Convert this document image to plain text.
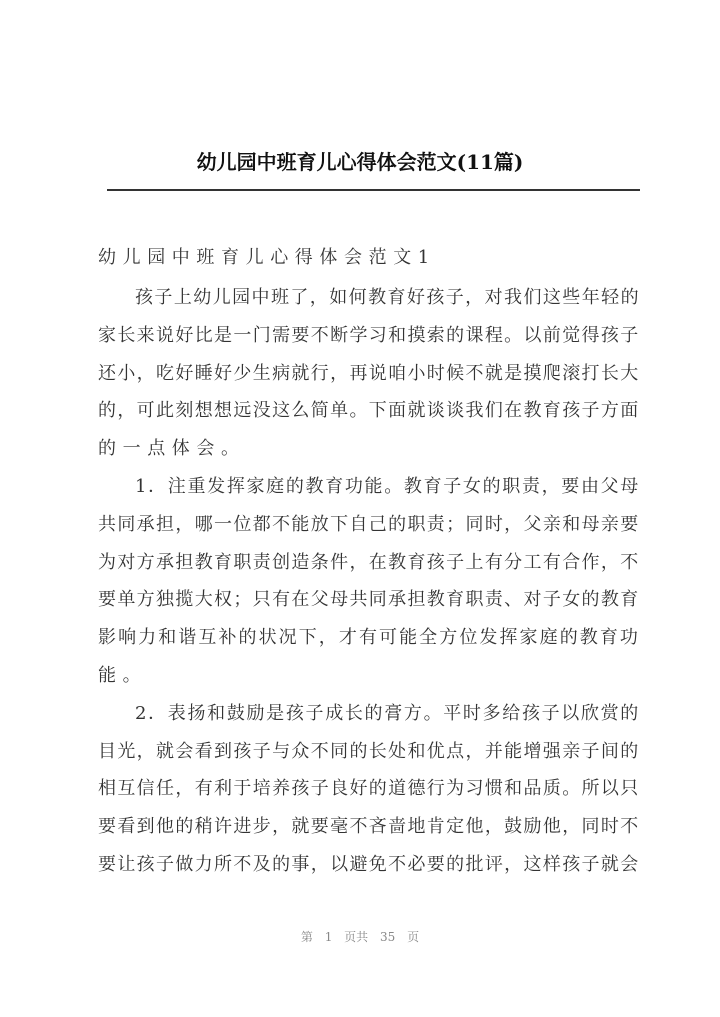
幼儿园中班育儿心得体会范文(11篇)
幼儿园中班育儿心得体会范文1
孩子上幼儿园中班了，如何教育好孩子，对我们这些年轻的
家长来说好比是一门需要不断学习和摸索的课程。以前觉得孩子
还小，吃好睡好少生病就行，再说咱小时候不就是摸爬滚打长大
的，可此刻想想远没这么简单。下面就谈谈我们在教育孩子方面
的一点体会。
1．注重发挥家庭的教育功能。教育子女的职责，要由父母
共同承担，哪一位都不能放下自己的职责；同时，父亲和母亲要
为对方承担教育职责创造条件，在教育孩子上有分工有合作，不
要单方独揽大权；只有在父母共同承担教育职责、对子女的教育
影响力和谐互补的状况下，才有可能全方位发挥家庭的教育功
能。
2．表扬和鼓励是孩子成长的膏方。平时多给孩子以欣赏的
目光，就会看到孩子与众不同的长处和优点，并能增强亲子间的
相互信任，有利于培养孩子良好的道德行为习惯和品质。所以只
要看到他的稍许进步，就要毫不吝啬地肯定他，鼓励他，同时不
要让孩子做力所不及的事，以避免不必要的批评，这样孩子就会
第 1 页共 35 页
